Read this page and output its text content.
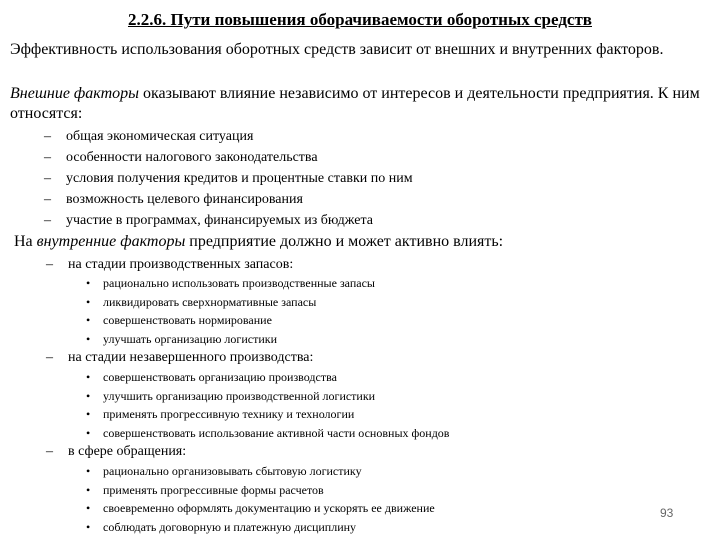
2.2.6. Пути повышения оборачиваемости оборотных средств
Эффективность использования оборотных средств зависит от внешних и внутренних факторов.
Внешние факторы оказывают влияние независимо от интересов и деятельности предприятия. К ним относятся:
– общая экономическая ситуация
– особенности налогового законодательства
– условия получения кредитов и процентные ставки по ним
– возможность целевого финансирования
– участие в программах, финансируемых из бюджета
На внутренние факторы предприятие должно и может активно влиять:
– на стадии производственных запасов:
• рационально использовать производственные запасы
• ликвидировать сверхнормативные запасы
• совершенствовать нормирование
• улучшать организацию логистики
– на стадии незавершенного производства:
• совершенствовать организацию производства
• улучшить организацию производственной логистики
• применять прогрессивную технику и технологии
• совершенствовать использование активной части основных фондов
– в сфере обращения:
• рационально организовывать сбытовую логистику
• применять прогрессивные формы расчетов
• своевременно оформлять документацию и ускорять ее движение
• соблюдать договорную и платежную дисциплину
93
